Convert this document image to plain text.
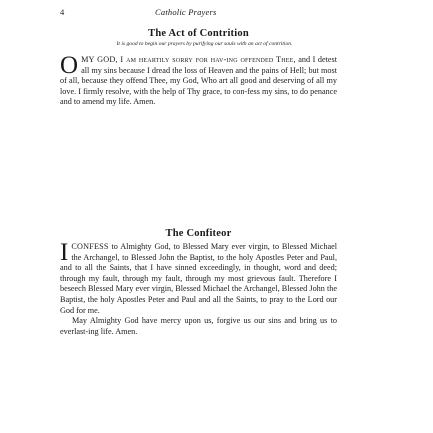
4	Catholic Prayers
The Act of Contrition
It is good to begin our prayers by purifying our souls with an act of contrition.
OMY GOD, I am heartily sorry for hav-ing offended Thee, and I detest all my sins because I dread the loss of Heaven and the pains of Hell; but most of all, because they offend Thee, my God, Who art all good and deserving of all my love. I firmly resolve, with the help of Thy grace, to con-fess my sins, to do penance and to amend my life. Amen.
The Confiteor
ICONFESS to Almighty God, to Blessed Mary ever virgin, to Blessed Michael the Archangel, to Blessed John the Baptist, to the holy Apostles Peter and Paul, and to all the Saints, that I have sinned exceedingly, in thought, word and deed; through my fault, through my fault, through my most grievous fault. Therefore I beseech Blessed Mary ever virgin, Blessed Michael the Archangel, Blessed John the Baptist, the holy Apostles Peter and Paul and all the Saints, to pray to the Lord our God for me.
May Almighty God have mercy upon us, forgive us our sins and bring us to everlast-ing life. Amen.
